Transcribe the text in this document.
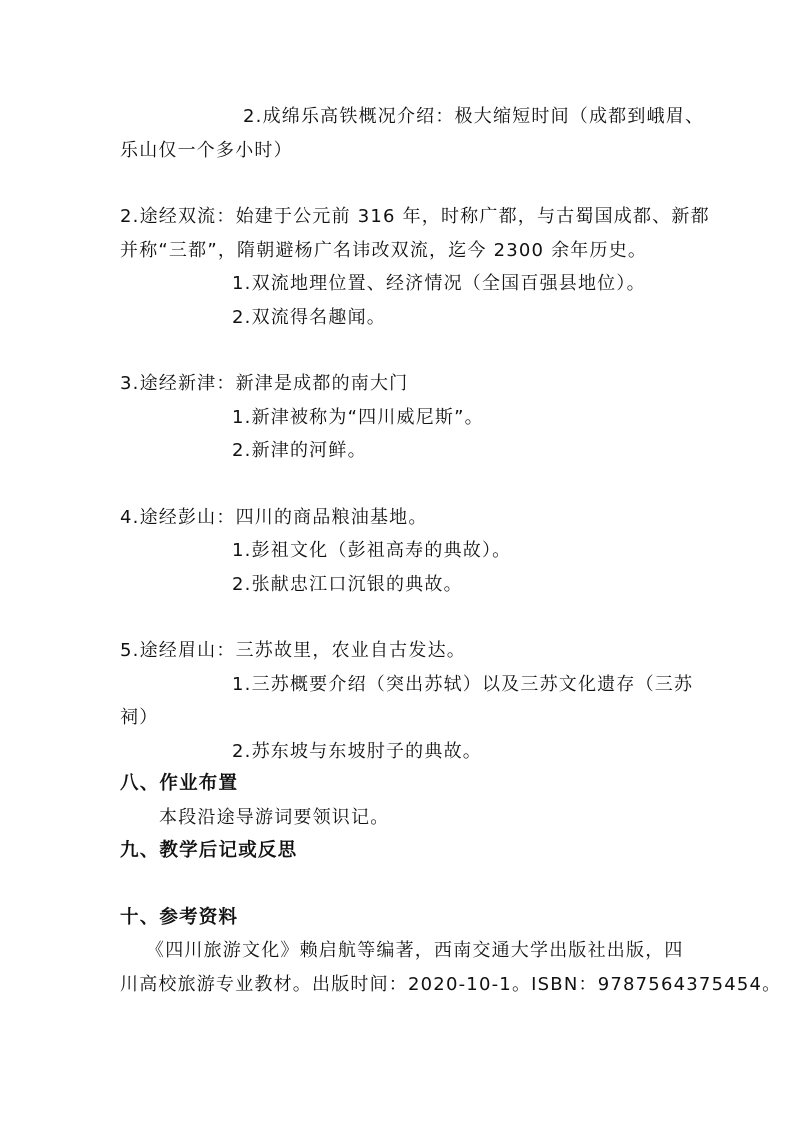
2.成绵乐高铁概况介绍：极大缩短时间（成都到峨眉、
乐山仅一个多小时）
2.途经双流：始建于公元前 316 年，时称广都，与古蜀国成都、新都
并称“三都”，隋朝避杨广名讳改双流，迄今 2300 余年历史。
1.双流地理位置、经济情况（全国百强县地位）。
2.双流得名趣闻。
3.途经新津：新津是成都的南大门
1.新津被称为“四川威尼斯”。
2.新津的河鲜。
4.途经彭山：四川的商品粮油基地。
1.彭祖文化（彭祖高寿的典故）。
2.张献忠江口沉银的典故。
5.途经眉山：三苏故里，农业自古发达。
1.三苏概要介绍（突出苏轼）以及三苏文化遗存（三苏
祠）
2.苏东坡与东坡肘子的典故。
八、作业布置
本段沿途导游词要领识记。
九、教学后记或反思
十、参考资料
《四川旅游文化》赖启航等编著，西南交通大学出版社出版，四
川高校旅游专业教材。出版时间：2020-10-1。ISBN：9787564375454。
